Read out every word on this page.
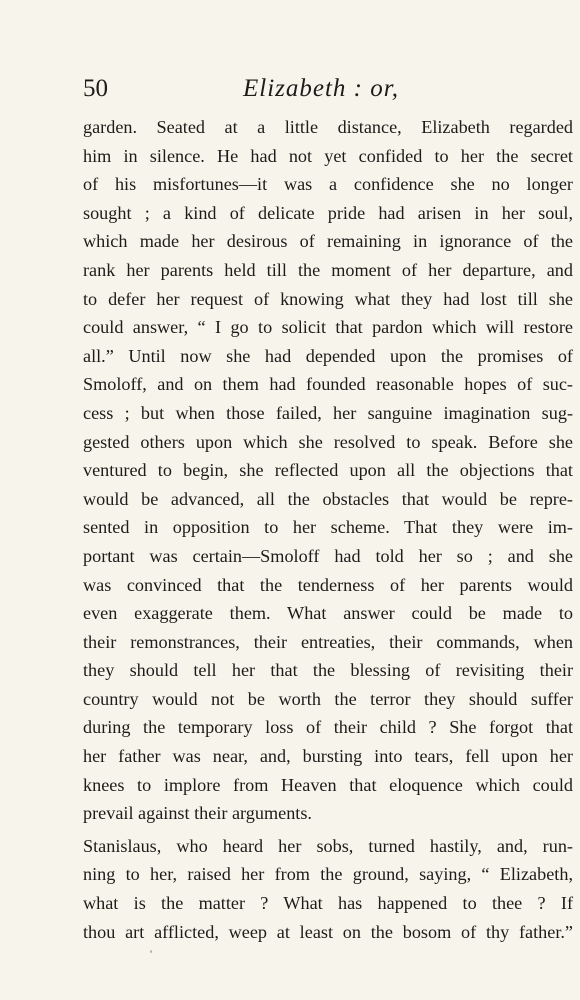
50	Elizabeth : or,
garden. Seated at a little distance, Elizabeth regarded
him in silence. He had not yet confided to her the secret
of his misfortunes—it was a confidence she no longer
sought ; a kind of delicate pride had arisen in her soul,
which made her desirous of remaining in ignorance of the
rank her parents held till the moment of her departure, and
to defer her request of knowing what they had lost till she
could answer, “ I go to solicit that pardon which will restore
all.” Until now she had depended upon the promises of
Smoloff, and on them had founded reasonable hopes of suc-
cess ; but when those failed, her sanguine imagination sug-
gested others upon which she resolved to speak. Before she
ventured to begin, she reflected upon all the objections that
would be advanced, all the obstacles that would be repre-
sented in opposition to her scheme. That they were im-
portant was certain—Smoloff had told her so ; and she
was convinced that the tenderness of her parents would
even exaggerate them. What answer could be made to
their remonstrances, their entreaties, their commands, when
they should tell her that the blessing of revisiting their
country would not be worth the terror they should suffer
during the temporary loss of their child ? She forgot that
her father was near, and, bursting into tears, fell upon her
knees to implore from Heaven that eloquence which could
prevail against their arguments.
Stanislaus, who heard her sobs, turned hastily, and, run-
ning to her, raised her from the ground, saying, “ Elizabeth,
what is the matter ? What has happened to thee ? If
thou art afflicted, weep at least on the bosom of thy father.”
